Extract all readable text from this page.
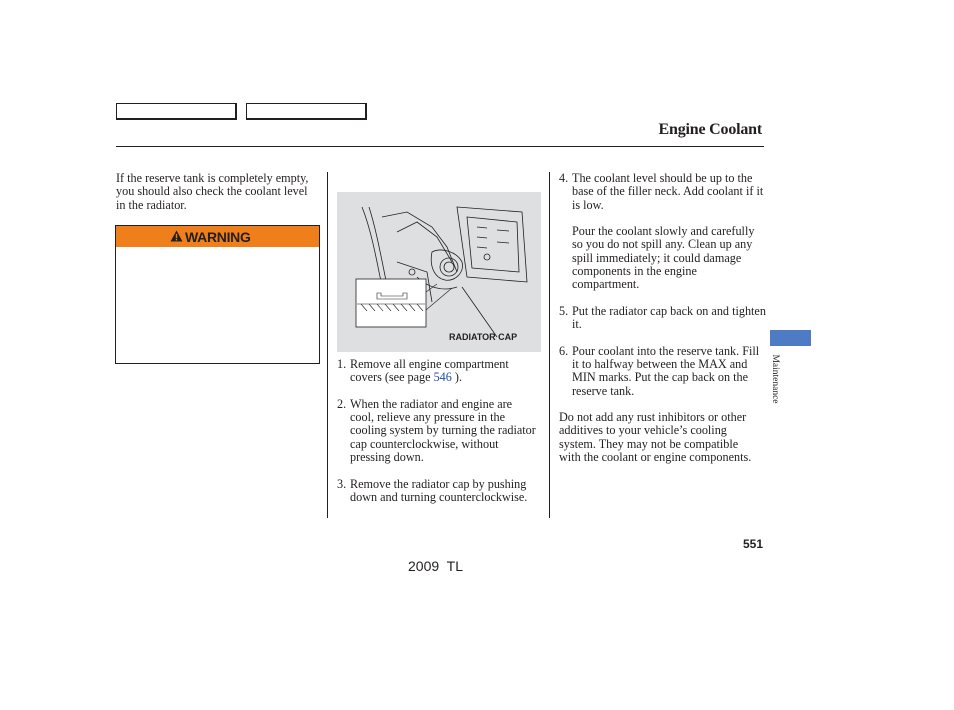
Engine Coolant
If the reserve tank is completely empty, you should also check the coolant level in the radiator.
WARNING
RADIATOR CAP
1. Remove all engine compartment covers (see page 546 ).
2. When the radiator and engine are cool, relieve any pressure in the cooling system by turning the radiator cap counterclockwise, without pressing down.
3. Remove the radiator cap by pushing down and turning counterclockwise.
4. The coolant level should be up to the base of the filler neck. Add coolant if it is low.

Pour the coolant slowly and carefully so you do not spill any. Clean up any spill immediately; it could damage components in the engine compartment.

5. Put the radiator cap back on and tighten it.
6. Pour coolant into the reserve tank. Fill it to halfway between the MAX and MIN marks. Put the cap back on the reserve tank.
Do not add any rust inhibitors or other additives to your vehicle’s cooling system. They may not be compatible with the coolant or engine components.
Maintenance
551
2009  TL
